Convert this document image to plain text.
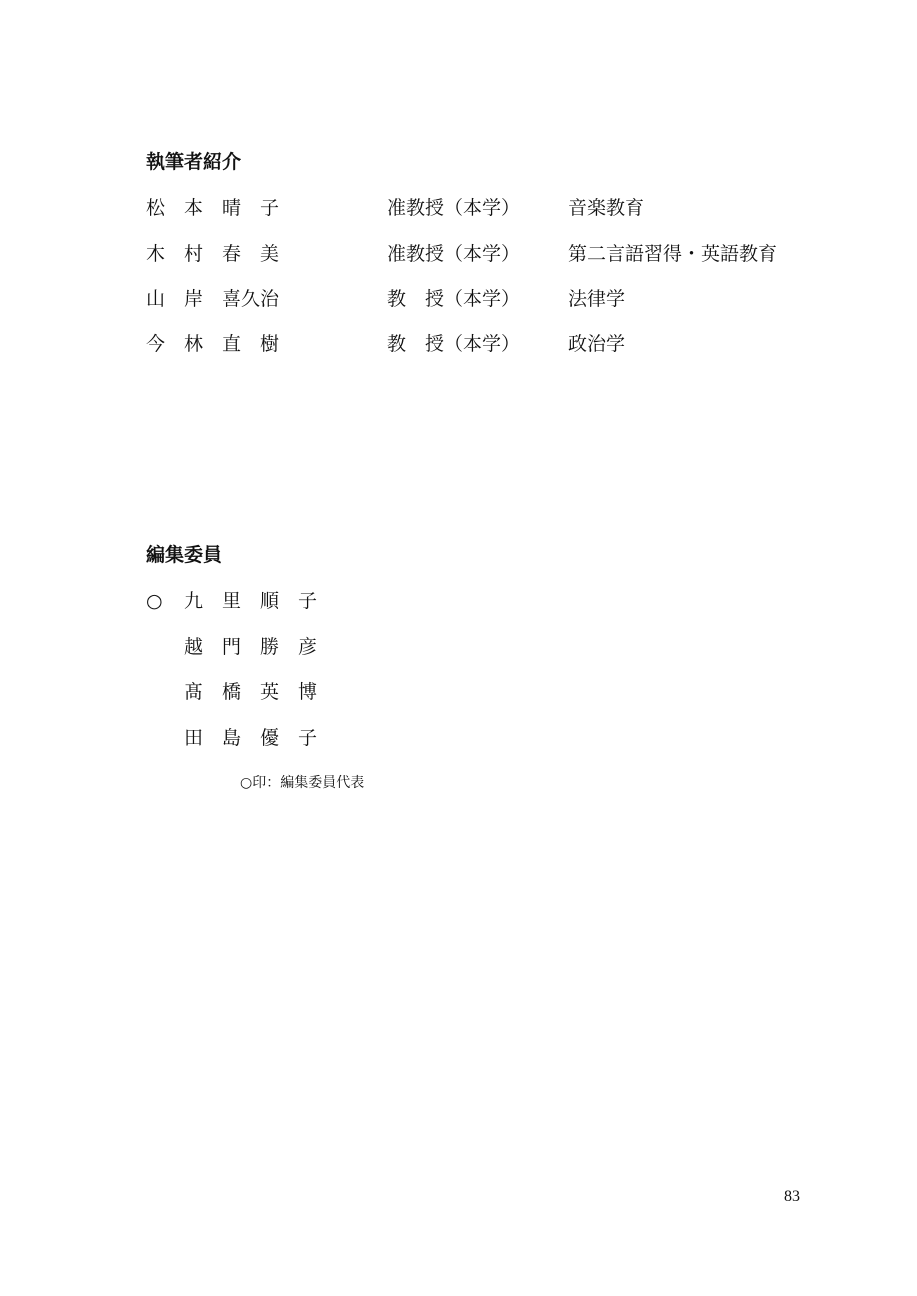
執筆者紹介
松　本　晴　子	准教授（本学）	音楽教育
木　村　春　美	准教授（本学）	第二言語習得・英語教育
山　岸　喜久治	教　授（本学）	法律学
今　林　直　樹	教　授（本学）	政治学
編集委員
○ 九　里　順　子
越　門　勝　彦
髙　橋　英　博
田　島　優　子
○印：編集委員代表
83
